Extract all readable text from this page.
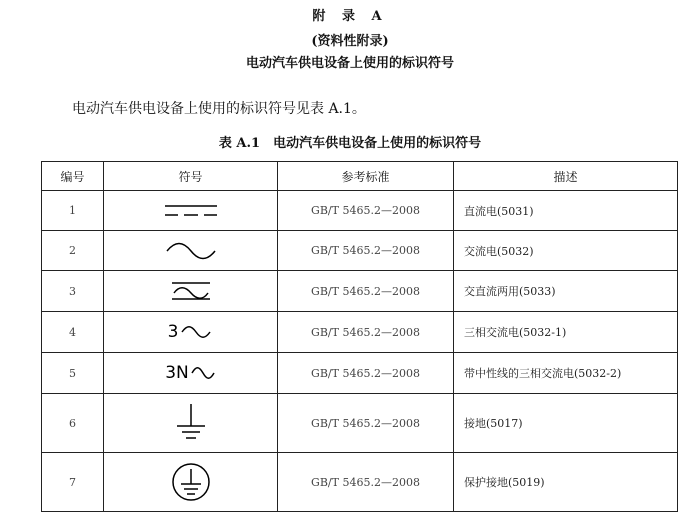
附 录 A
(资料性附录)
电动汽车供电设备上使用的标识符号
电动汽车供电设备上使用的标识符号见表 A.1。
表 A.1　电动汽车供电设备上使用的标识符号
编号	符号	参考标准	描述
1		GB/T 5465.2—2008	直流电(5031)
2		GB/T 5465.2—2008	交流电(5032)
3		GB/T 5465.2—2008	交直流两用(5033)
4	3	GB/T 5465.2—2008	三相交流电(5032-1)
5	3N	GB/T 5465.2—2008	带中性线的三相交流电(5032-2)
6		GB/T 5465.2—2008	接地(5017)
7		GB/T 5465.2—2008	保护接地(5019)
